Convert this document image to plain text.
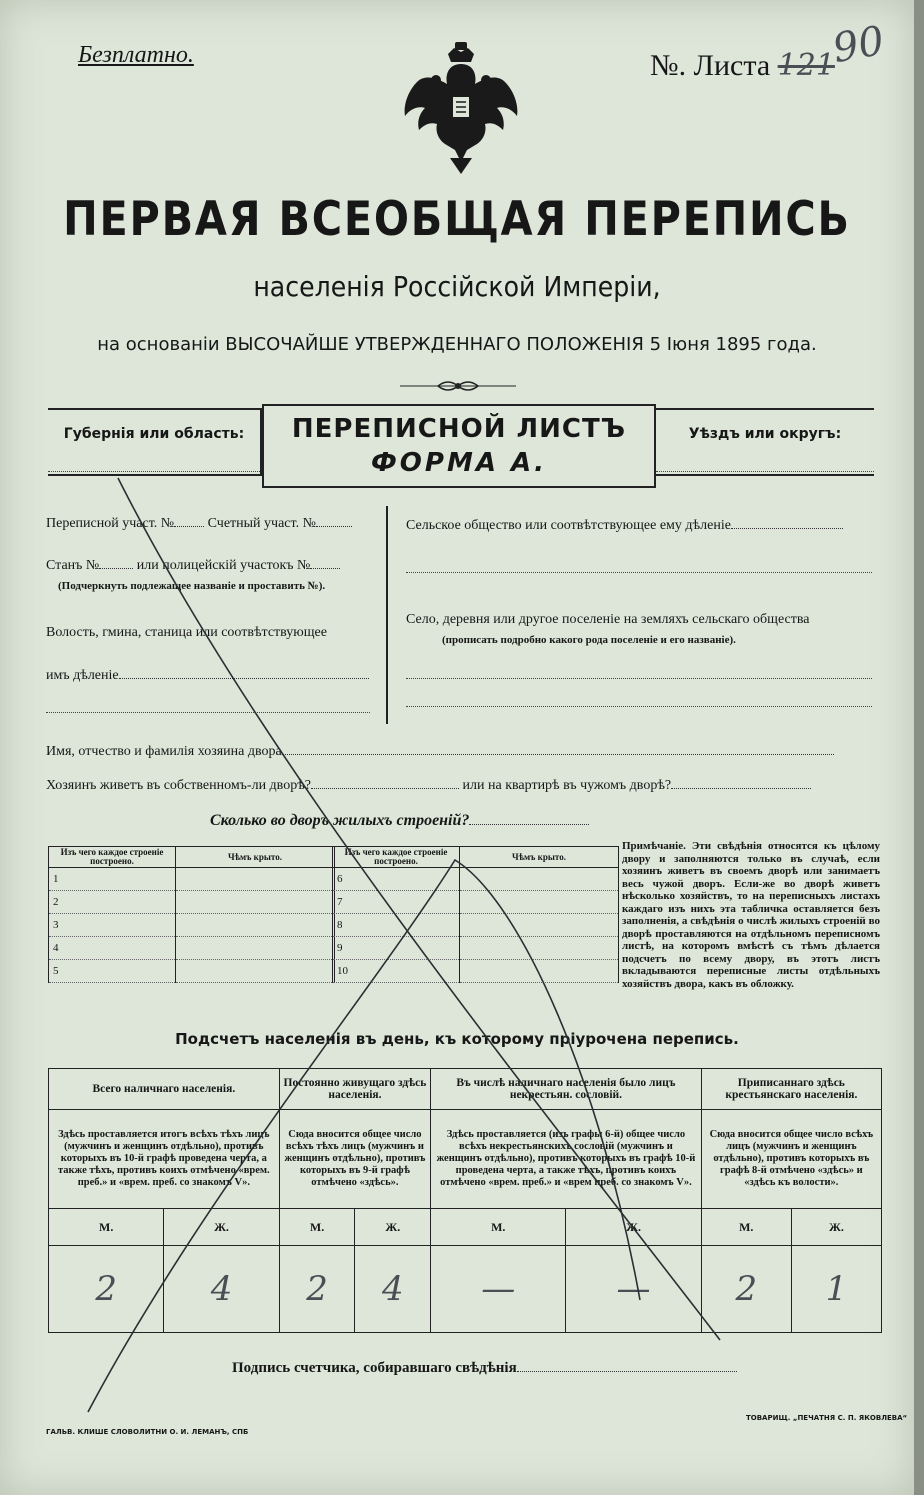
Безплатно.	№. Листа 121
90
ПЕРВАЯ ВСЕОБЩАЯ ПЕРЕПИСЬ
населенія Россійской Имперіи,
на основаніи ВЫСОЧАЙШЕ УТВЕРЖДЕННАГО ПОЛОЖЕНІЯ 5 Іюня 1895 года.
Губернія или область:	Уѣздъ или округъ:
ПЕРЕПИСНОЙ ЛИСТЪ
ФОРМА А.
Переписной участ. № Счетный участ. №
Станъ №	или полицейскій участокъ №
(Подчеркнуть подлежащее названіе и проставить №).
Волость, гмина, станица или соотвѣтствующее
имъ дѣленіе
Сельское общество или соотвѣтствующее ему дѣленіе
Село, деревня или другое поселеніе на земляхъ сельскаго общества
(прописать подробно какого рода поселеніе и его названіе).
Имя, отчество и фамилія хозяина двора
Хозяинъ живетъ въ собственномъ-ли дворѣ?	или на квартирѣ въ чужомъ дворѣ?
Сколько во дворъ жилыхъ строеній?
Изъ чего каждое строеніе построено.	Чѣмъ крыто.
1	
2	
3	
4	
5	
Изъ чего каждое строеніе построено.	Чѣмъ крыто.
6	
7	
8	
9	
10	
Примѣчаніе. Эти свѣдѣнія относятся къ цѣлому двору и заполняются только въ случаѣ, если хозяинъ живетъ въ своемъ дворѣ или занимаетъ весь чужой дворъ. Если-же во дворѣ живетъ нѣсколько хозяйствъ, то на переписныхъ листахъ каждаго изъ нихъ эта табличка оставляется безъ заполненія, а свѣдѣнія о числѣ жилыхъ строеній во дворѣ проставляются на отдѣльномъ переписномъ листѣ, на которомъ вмѣстѣ съ тѣмъ дѣлается подсчетъ по всему двору, въ этотъ листъ вкладываются переписные листы отдѣльныхъ хозяйствъ двора, какъ въ обложку.
Подсчетъ населенія въ день, къ которому пріурочена перепись.
Всего наличнаго населенія.		Постоянно живущаго здѣсь населенія.		Въ числѣ наличнаго населенія было лицъ некрестьян. сословій.		Приписаннаго здѣсь крестьянскаго населенія.	
Здѣсь проставляется итогъ всѣхъ тѣхъ лицъ (мужчинъ и женщинъ отдѣльно), противъ которыхъ въ 10-й графѣ проведена черта, а также тѣхъ, противъ коихъ отмѣчено «врем. преб.» и «врем. преб. со знакомъ V».		Сюда вносится общее число всѣхъ тѣхъ лицъ (мужчинъ и женщинъ отдѣльно), противъ которыхъ въ 9-й графѣ отмѣчено «здѣсь».		Здѣсь проставляется (изъ графы 6-й) общее число всѣхъ некрестьянскихъ сословій (мужчинъ и женщинъ отдѣльно), противъ которыхъ въ графѣ 10-й проведена черта, а также тѣхъ, противъ коихъ отмѣчено «врем. преб.» и «врем преб. со знакомъ V».		Сюда вносится общее число всѣхъ лицъ (мужчинъ и женщинъ отдѣльно), противъ которыхъ въ графѣ 8-й отмѣчено «здѣсь» и «здѣсь къ волости».	
М.	Ж.	М.	Ж.	М.	Ж.	М.	Ж.
2	4	2	4	—	—	2	1
Подпись счетчика, собиравшаго свѣдѣнія
ГАЛЬВ. КЛИШЕ СЛОВОЛИТНИ О. И. ЛЕМАНЪ, СПБ
ТОВАРИЩ. „ПЕЧАТНЯ С. П. ЯКОВЛЕВА“
